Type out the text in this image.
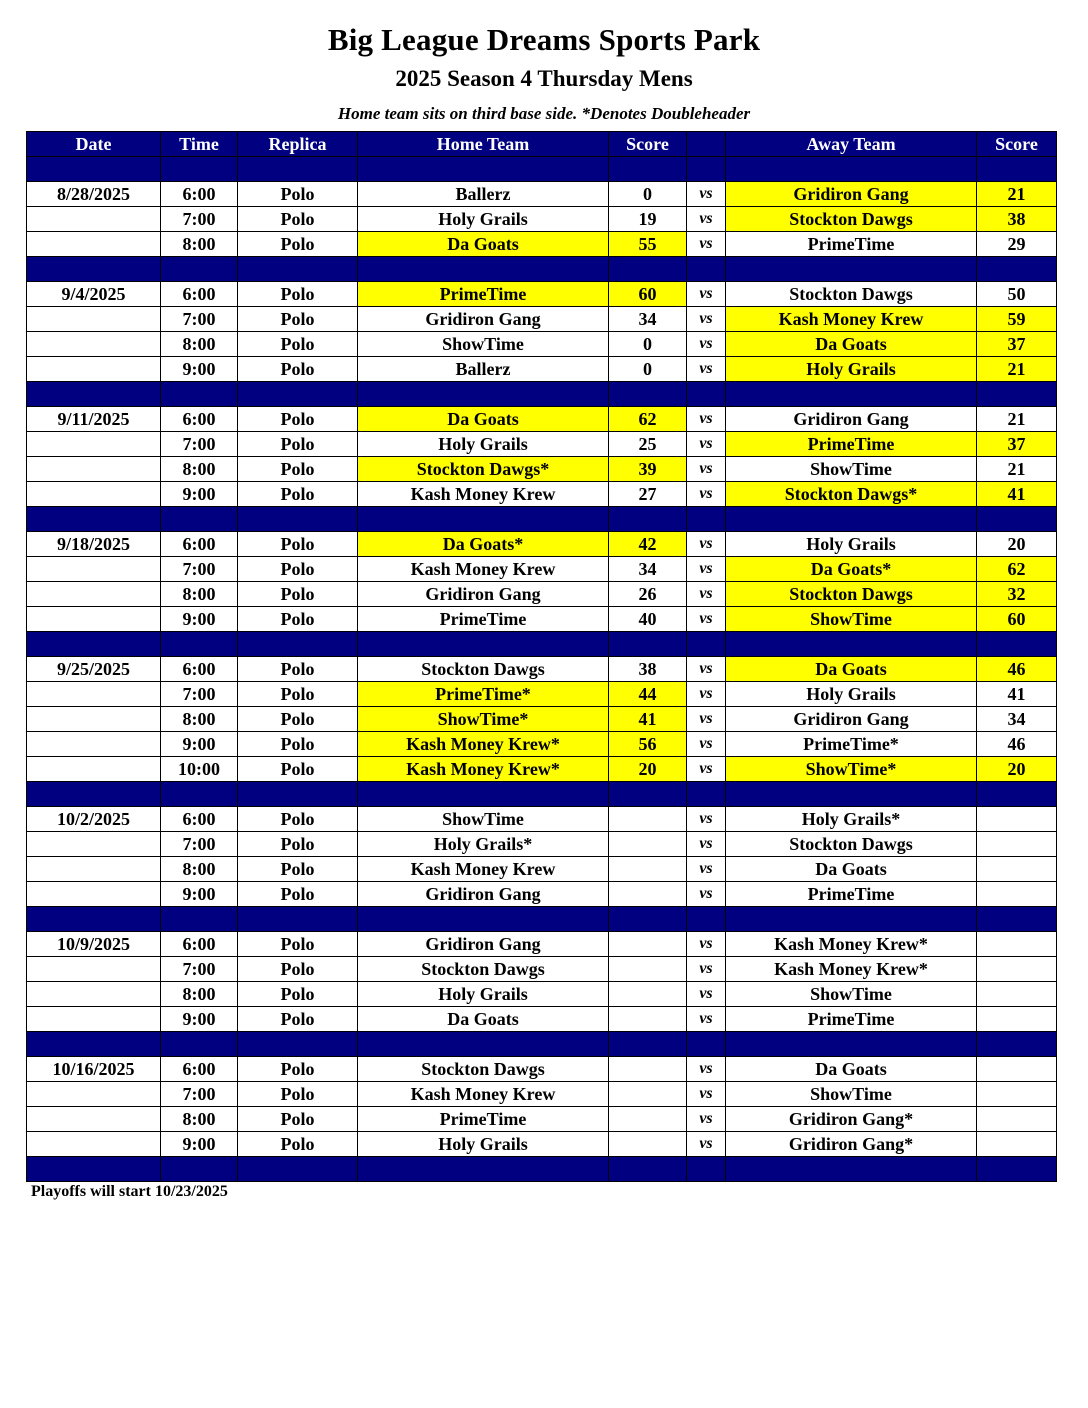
Big League Dreams Sports Park
2025 Season 4 Thursday Mens
Home team sits on third base side. *Denotes Doubleheader
Date	Time	Replica	Home Team	Score		Away Team	Score

8/28/2025	6:00	Polo	Ballerz	0	vs	Gridiron Gang	21
	7:00	Polo	Holy Grails	19	vs	Stockton Dawgs	38
	8:00	Polo	Da Goats	55	vs	PrimeTime	29

9/4/2025	6:00	Polo	PrimeTime	60	vs	Stockton Dawgs	50
	7:00	Polo	Gridiron Gang	34	vs	Kash Money Krew	59
	8:00	Polo	ShowTime	0	vs	Da Goats	37
	9:00	Polo	Ballerz	0	vs	Holy Grails	21

9/11/2025	6:00	Polo	Da Goats	62	vs	Gridiron Gang	21
	7:00	Polo	Holy Grails	25	vs	PrimeTime	37
	8:00	Polo	Stockton Dawgs*	39	vs	ShowTime	21
	9:00	Polo	Kash Money Krew	27	vs	Stockton Dawgs*	41

9/18/2025	6:00	Polo	Da Goats*	42	vs	Holy Grails	20
	7:00	Polo	Kash Money Krew	34	vs	Da Goats*	62
	8:00	Polo	Gridiron Gang	26	vs	Stockton Dawgs	32
	9:00	Polo	PrimeTime	40	vs	ShowTime	60

9/25/2025	6:00	Polo	Stockton Dawgs	38	vs	Da Goats	46
	7:00	Polo	PrimeTime*	44	vs	Holy Grails	41
	8:00	Polo	ShowTime*	41	vs	Gridiron Gang	34
	9:00	Polo	Kash Money Krew*	56	vs	PrimeTime*	46
	10:00	Polo	Kash Money Krew*	20	vs	ShowTime*	20

10/2/2025	6:00	Polo	ShowTime		vs	Holy Grails*	
	7:00	Polo	Holy Grails*		vs	Stockton Dawgs	
	8:00	Polo	Kash Money Krew		vs	Da Goats	
	9:00	Polo	Gridiron Gang		vs	PrimeTime	

10/9/2025	6:00	Polo	Gridiron Gang		vs	Kash Money Krew*	
	7:00	Polo	Stockton Dawgs		vs	Kash Money Krew*	
	8:00	Polo	Holy Grails		vs	ShowTime	
	9:00	Polo	Da Goats		vs	PrimeTime	

10/16/2025	6:00	Polo	Stockton Dawgs		vs	Da Goats	
	7:00	Polo	Kash Money Krew		vs	ShowTime	
	8:00	Polo	PrimeTime		vs	Gridiron Gang*	
	9:00	Polo	Holy Grails		vs	Gridiron Gang*	

Playoffs will start 10/23/2025
